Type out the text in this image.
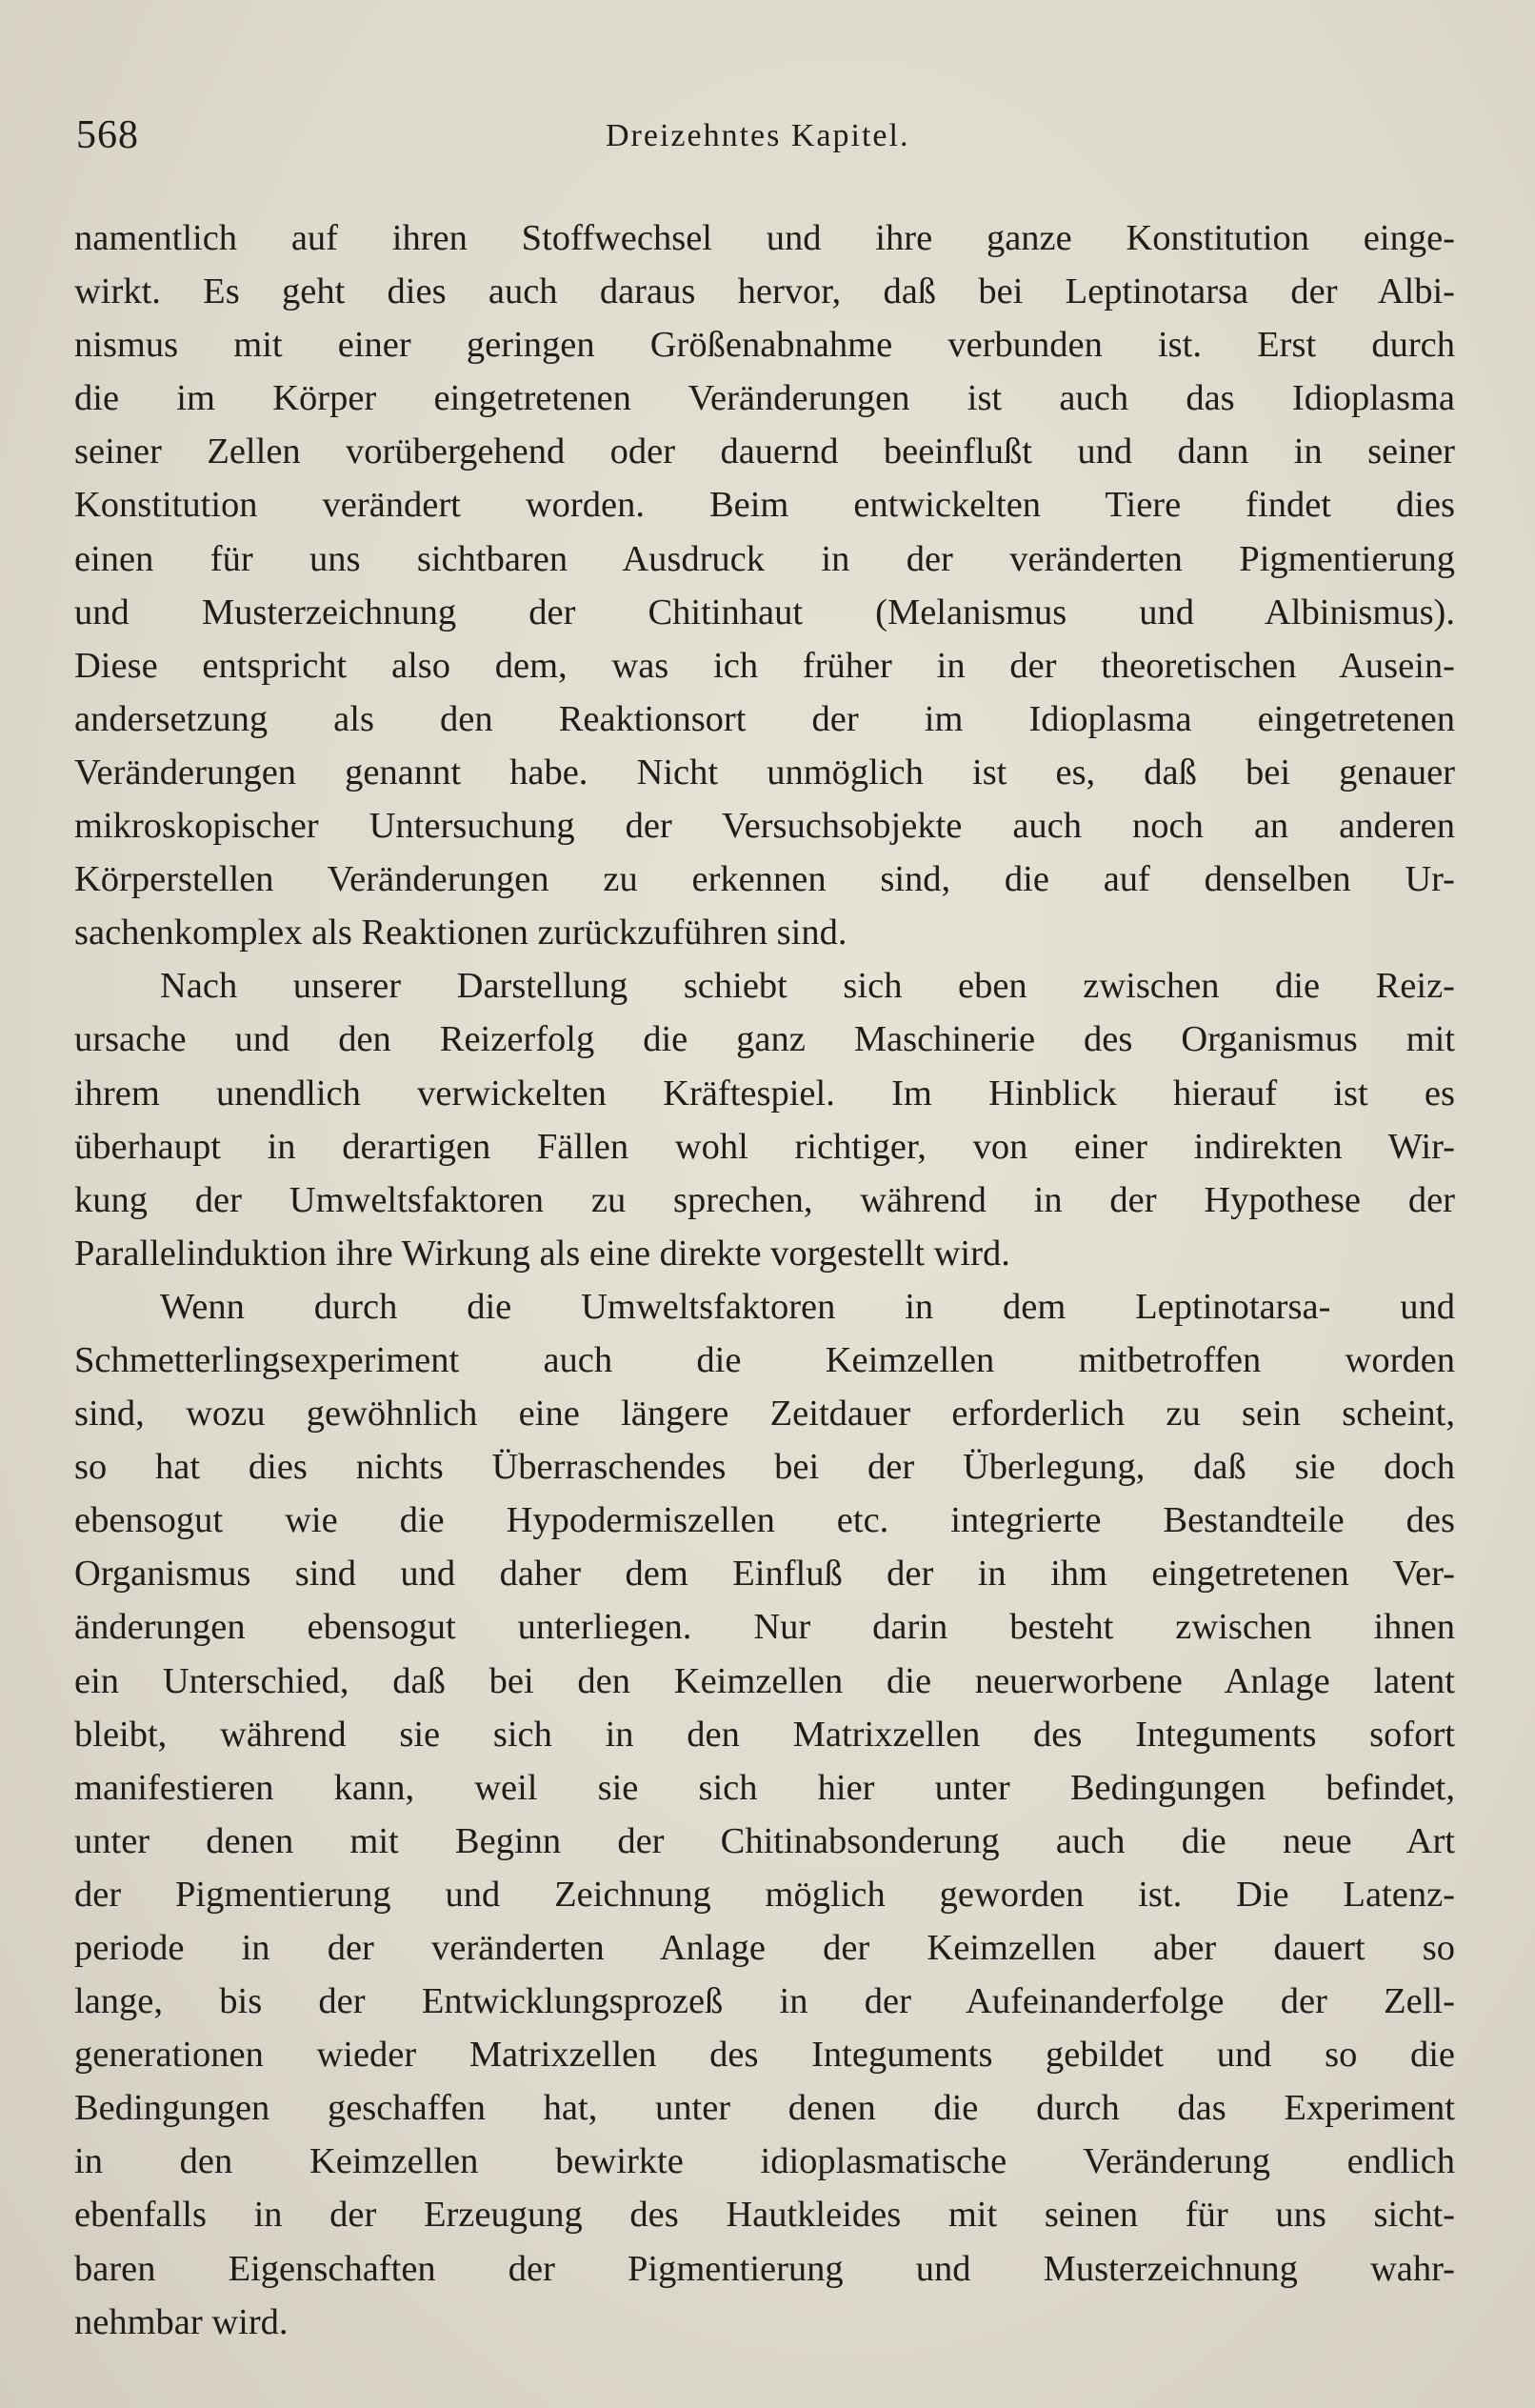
568	Dreizehntes Kapitel.
namentlich auf ihren Stoffwechsel und ihre ganze Konstitution einge-
wirkt. Es geht dies auch daraus hervor, daß bei Leptinotarsa der Albi-
nismus mit einer geringen Größenabnahme verbunden ist. Erst durch
die im Körper eingetretenen Veränderungen ist auch das Idioplasma
seiner Zellen vorübergehend oder dauernd beeinflußt und dann in seiner
Konstitution verändert worden. Beim entwickelten Tiere findet dies
einen für uns sichtbaren Ausdruck in der veränderten Pigmentierung
und Musterzeichnung der Chitinhaut (Melanismus und Albinismus).
Diese entspricht also dem, was ich früher in der theoretischen Ausein-
andersetzung als den Reaktionsort der im Idioplasma eingetretenen
Veränderungen genannt habe. Nicht unmöglich ist es, daß bei genauer
mikroskopischer Untersuchung der Versuchsobjekte auch noch an anderen
Körperstellen Veränderungen zu erkennen sind, die auf denselben Ur-
sachenkomplex als Reaktionen zurückzuführen sind.
Nach unserer Darstellung schiebt sich eben zwischen die Reiz-
ursache und den Reizerfolg die ganz Maschinerie des Organismus mit
ihrem unendlich verwickelten Kräftespiel. Im Hinblick hierauf ist es
überhaupt in derartigen Fällen wohl richtiger, von einer indirekten Wir-
kung der Umweltsfaktoren zu sprechen, während in der Hypothese der
Parallelinduktion ihre Wirkung als eine direkte vorgestellt wird.
Wenn durch die Umweltsfaktoren in dem Leptinotarsa- und
Schmetterlingsexperiment auch die Keimzellen mitbetroffen worden
sind, wozu gewöhnlich eine längere Zeitdauer erforderlich zu sein scheint,
so hat dies nichts Überraschendes bei der Überlegung, daß sie doch
ebensogut wie die Hypodermiszellen etc. integrierte Bestandteile des
Organismus sind und daher dem Einfluß der in ihm eingetretenen Ver-
änderungen ebensogut unterliegen. Nur darin besteht zwischen ihnen
ein Unterschied, daß bei den Keimzellen die neuerworbene Anlage latent
bleibt, während sie sich in den Matrixzellen des Integuments sofort
manifestieren kann, weil sie sich hier unter Bedingungen befindet,
unter denen mit Beginn der Chitinabsonderung auch die neue Art
der Pigmentierung und Zeichnung möglich geworden ist. Die Latenz-
periode in der veränderten Anlage der Keimzellen aber dauert so
lange, bis der Entwicklungsprozeß in der Aufeinanderfolge der Zell-
generationen wieder Matrixzellen des Integuments gebildet und so die
Bedingungen geschaffen hat, unter denen die durch das Experiment
in den Keimzellen bewirkte idioplasmatische Veränderung endlich
ebenfalls in der Erzeugung des Hautkleides mit seinen für uns sicht-
baren Eigenschaften der Pigmentierung und Musterzeichnung wahr-
nehmbar wird.
